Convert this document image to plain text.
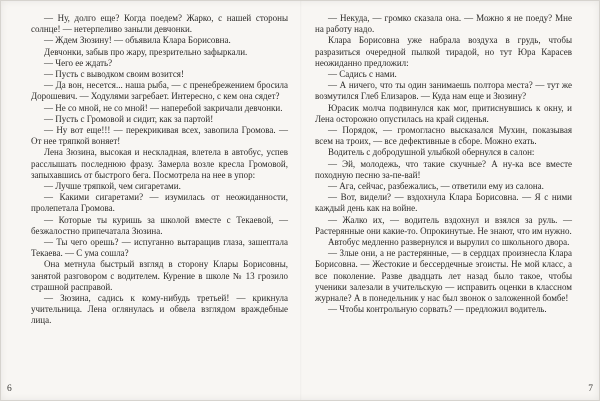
— Ну, долго еще? Когда поедем? Жарко, с нашей стороны солнце! — нетерпеливо заныли девчонки.

— Ждем Зюзину! — объявила Клара Борисовна.

Девчонки, забыв про жару, презрительно зафыркали.

— Чего ее ждать?

— Пусть с выводком своим возится!

— Да вон, несется... наша рыба, — с пренебрежением бросила Дорошевич. — Ходулями загребает. Интересно, с кем она сядет?

— Не со мной, не со мной! — наперебой закричали девчонки.

— Пусть с Громовой и сидит, как за партой!

— Ну вот еще!!! — перекрикивая всех, завопила Громова. — От нее тряпкой воняет!

Лена Зюзина, высокая и нескладная, влетела в автобус, успев расслышать последнюю фразу. Замерла возле кресла Громовой, запыхавшись от быстрого бега. Посмотрела на нее в упор:

— Лучше тряпкой, чем сигаретами.

— Какими сигаретами? — изумилась от неожиданности, пролепетала Громова.

— Которые ты куришь за школой вместе с Текаевой, — безжалостно припечатала Зюзина.

— Ты чего орешь? — испуганно вытаращив глаза, зашептала Текаева. — С ума сошла?

Она метнула быстрый взгляд в сторону Клары Борисовны, занятой разговором с водителем. Курение в школе № 13 грозило страшной расправой.

— Зюзина, садись к кому-нибудь третьей! — крикнула учительница. Лена оглянулась и обвела взглядом враждебные лица.

— Некуда, — громко сказала она. — Можно я не поеду? Мне на работу надо.

Клара Борисовна уже набрала воздуха в грудь, чтобы разразиться очередной пылкой тирадой, но тут Юра Карасев неожиданно предложил:

— Садись с нами.

— А ничего, что ты один занимаешь полтора места? — тут же возмутился Глеб Елизаров. — Куда нам еще и Зюзину?

Юрасик молча подвинулся как мог, притиснувшись к окну, и Лена осторожно опустилась на край сиденья.

— Порядок, — громогласно высказался Мухин, показывая всем на троих, — все дефективные в сборе. Можно ехать.

Водитель с добродушной улыбкой обернулся в салон:

— Эй, молодежь, что такие скучные? А ну-ка все вместе походную песню за-пе-вай!

— Ага, сейчас, разбежались, — ответили ему из салона.

— Вот, видели? — вздохнула Клара Борисовна. — Я с ними каждый день как на войне.

— Жалко их, — водитель вздохнул и взялся за руль. — Растерянные они какие-то. Опрокинутые. Не знают, что им нужно.

Автобус медленно развернулся и вырулил со школьного двора.

— Злые они, а не растерянные, — в сердцах произнесла Клара Борисовна. — Жестокие и бессердечные эгоисты. Не мой класс, а все поколение. Разве двадцать лет назад было такое, чтобы ученики залезали в учительскую — исправить оценки в классном журнале? А в понедельник у нас был звонок о заложенной бомбе!

— Чтобы контрольную сорвать? — предложил водитель.

6	7
